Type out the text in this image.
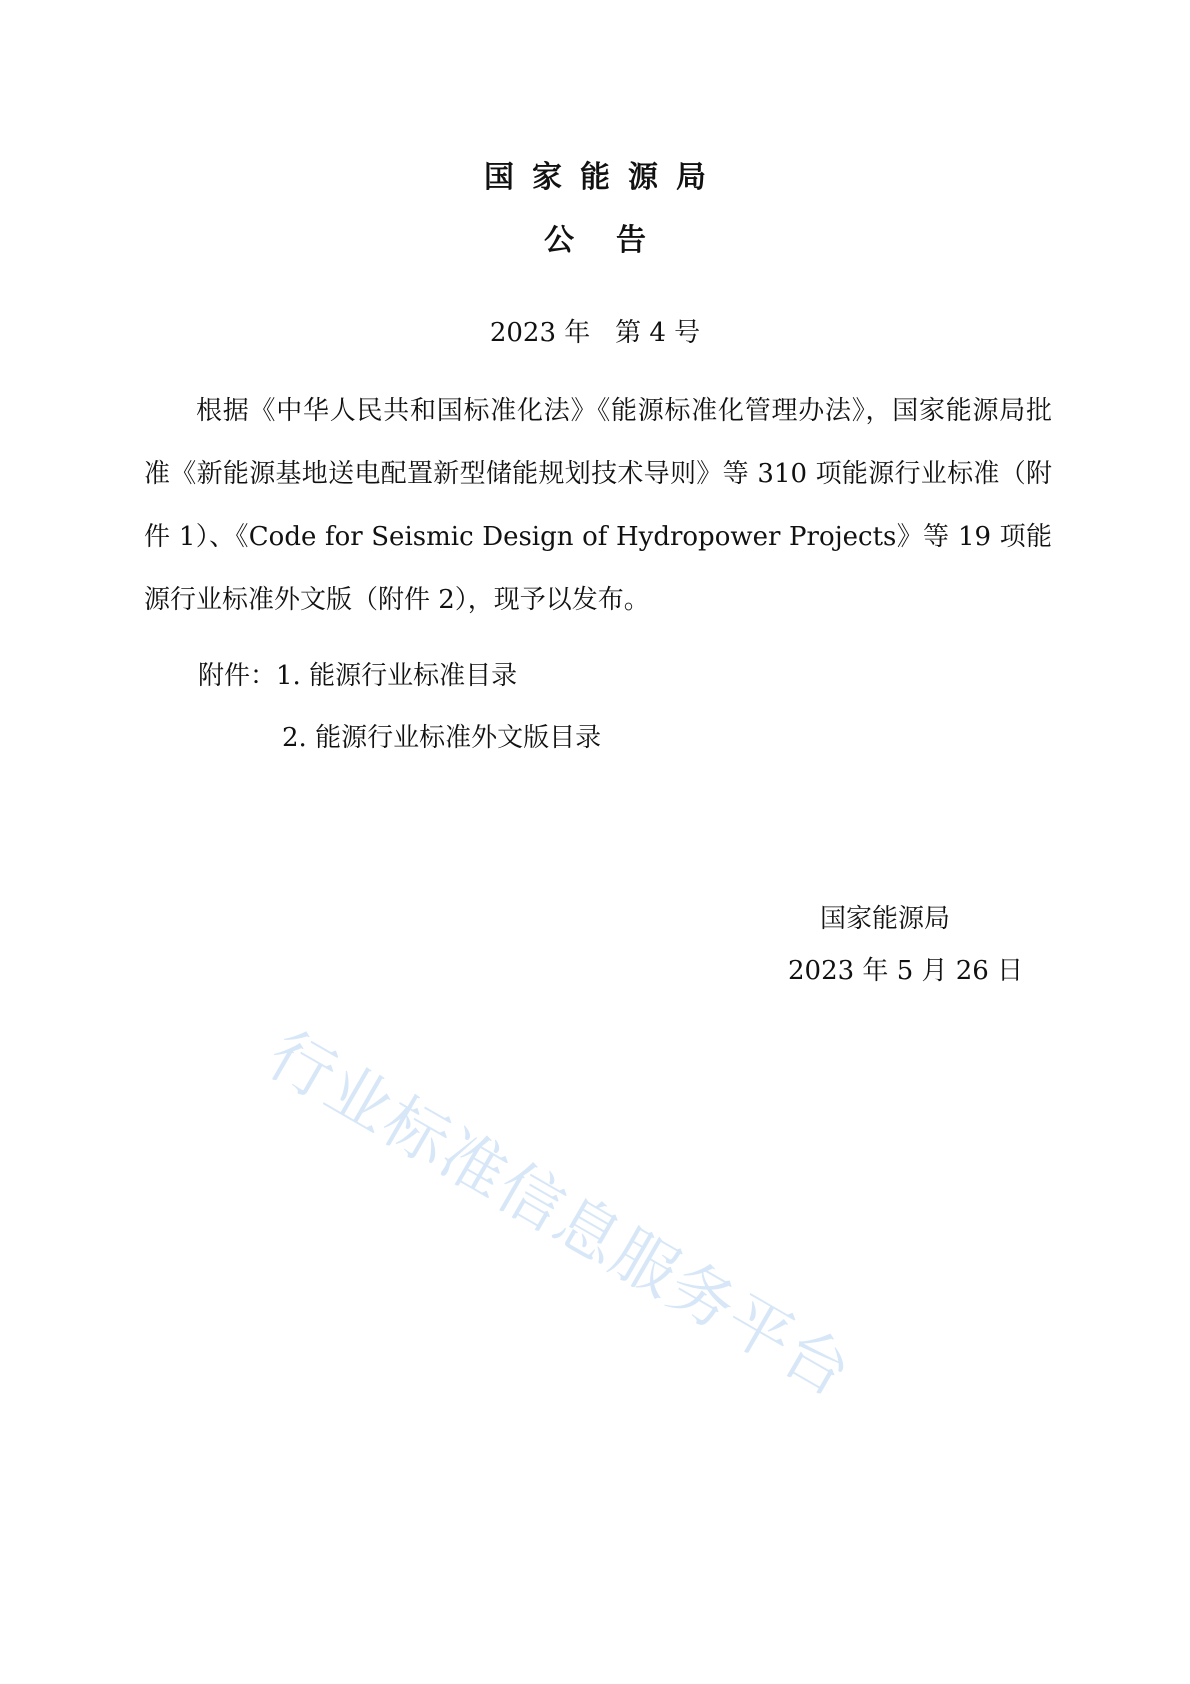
国家能源局
公告
2023 年   第 4 号
根据《中华人民共和国标准化法》《能源标准化管理办法》，国家能源局批准《新能源基地送电配置新型储能规划技术导则》等 310 项能源行业标准（附件 1）、《Code for Seismic Design of Hydropower Projects》等 19 项能源行业标准外文版（附件 2），现予以发布。
附件：1. 能源行业标准目录
2. 能源行业标准外文版目录
国家能源局
2023 年 5 月 26 日
行业标准信息服务平台
